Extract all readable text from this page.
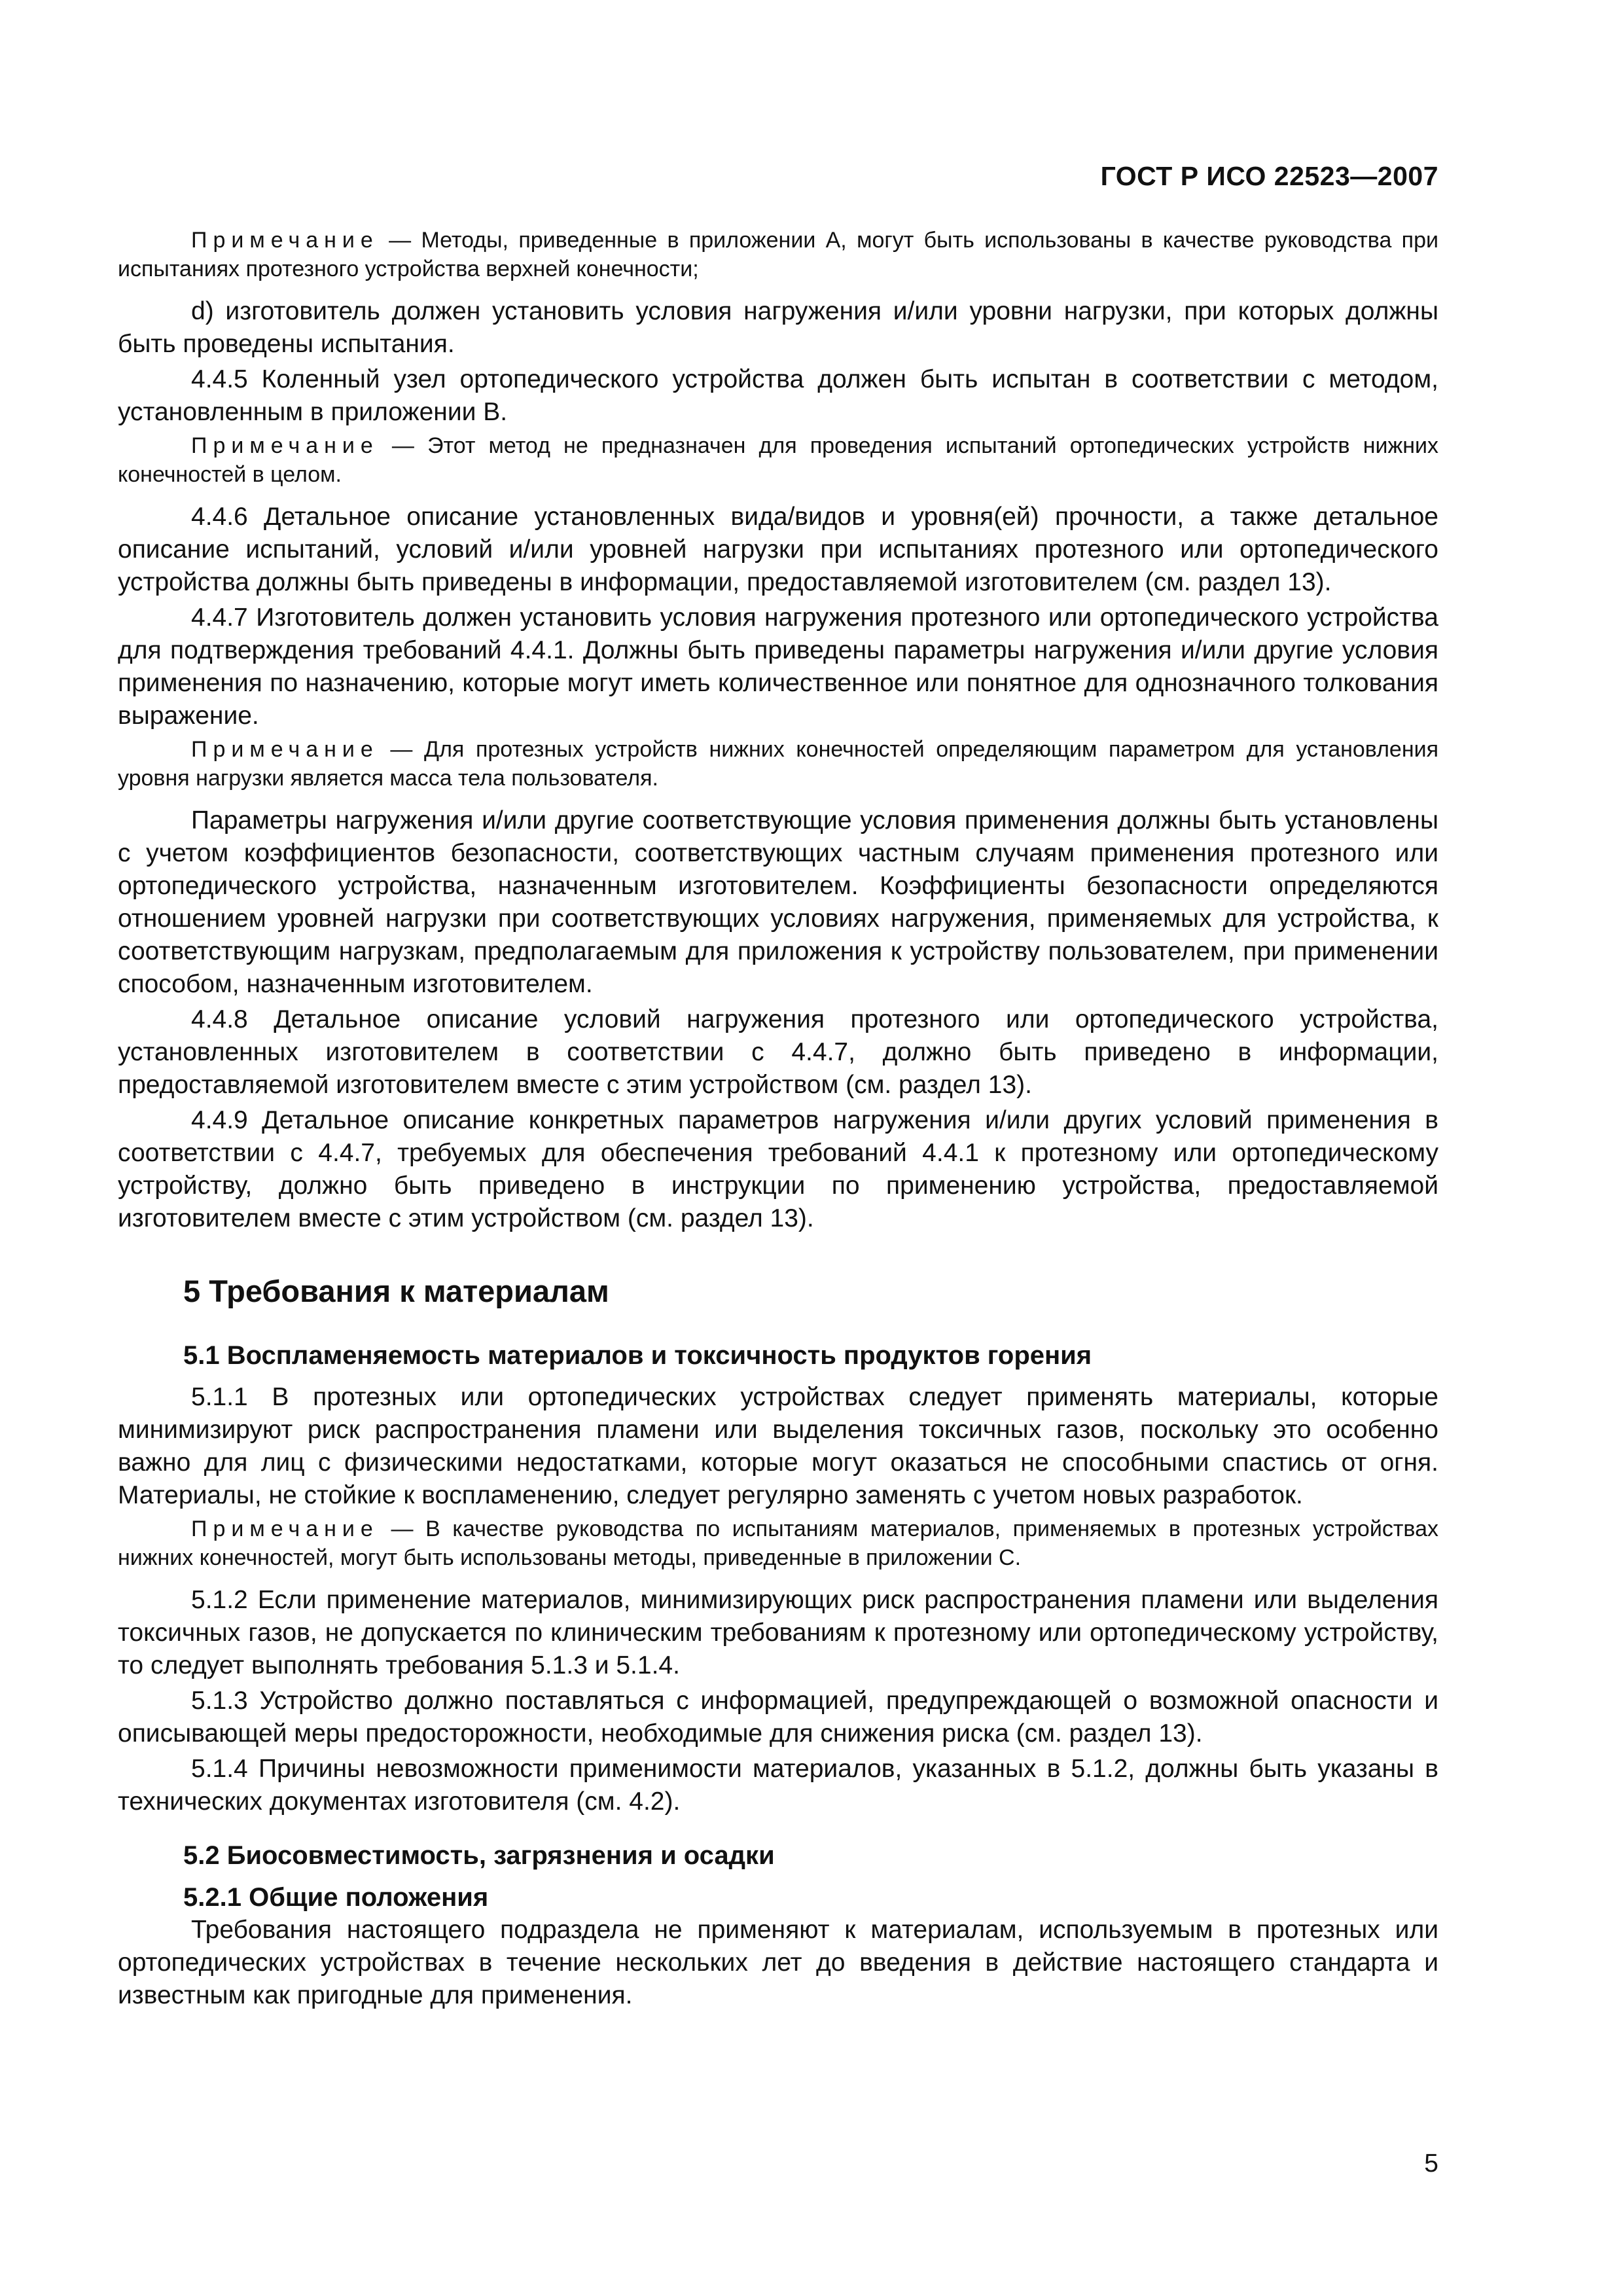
ГОСТ Р ИСО 22523—2007

Примечание — Методы, приведенные в приложении А, могут быть использованы в качестве руководства при испытаниях протезного устройства верхней конечности;

d) изготовитель должен установить условия нагружения и/или уровни нагрузки, при которых должны быть проведены испытания.

4.4.5 Коленный узел ортопедического устройства должен быть испытан в соответствии с методом, установленным в приложении В.

Примечание — Этот метод не предназначен для проведения испытаний ортопедических устройств нижних конечностей в целом.

4.4.6 Детальное описание установленных вида/видов и уровня(ей) прочности, а также детальное описание испытаний, условий и/или уровней нагрузки при испытаниях протезного или ортопедического устройства должны быть приведены в информации, предоставляемой изготовителем (см. раздел 13).

4.4.7 Изготовитель должен установить условия нагружения протезного или ортопедического устройства для подтверждения требований 4.4.1. Должны быть приведены параметры нагружения и/или другие условия применения по назначению, которые могут иметь количественное или понятное для однозначного толкования выражение.

Примечание — Для протезных устройств нижних конечностей определяющим параметром для установления уровня нагрузки является масса тела пользователя.

Параметры нагружения и/или другие соответствующие условия применения должны быть установлены с учетом коэффициентов безопасности, соответствующих частным случаям применения протезного или ортопедического устройства, назначенным изготовителем. Коэффициенты безопасности определяются отношением уровней нагрузки при соответствующих условиях нагружения, применяемых для устройства, к соответствующим нагрузкам, предполагаемым для приложения к устройству пользователем, при применении способом, назначенным изготовителем.

4.4.8 Детальное описание условий нагружения протезного или ортопедического устройства, установленных изготовителем в соответствии с 4.4.7, должно быть приведено в информации, предоставляемой изготовителем вместе с этим устройством (см. раздел 13).

4.4.9 Детальное описание конкретных параметров нагружения и/или других условий применения в соответствии с 4.4.7, требуемых для обеспечения требований 4.4.1 к протезному или ортопедическому устройству, должно быть приведено в инструкции по применению устройства, предоставляемой изготовителем вместе с этим устройством (см. раздел 13).

5 Требования к материалам
5.1 Воспламеняемость материалов и токсичность продуктов горения

5.1.1 В протезных или ортопедических устройствах следует применять материалы, которые минимизируют риск распространения пламени или выделения токсичных газов, поскольку это особенно важно для лиц с физическими недостатками, которые могут оказаться не способными спастись от огня. Материалы, не стойкие к воспламенению, следует регулярно заменять с учетом новых разработок.

Примечание — В качестве руководства по испытаниям материалов, применяемых в протезных устройствах нижних конечностей, могут быть использованы методы, приведенные в приложении С.

5.1.2 Если применение материалов, минимизирующих риск распространения пламени или выделения токсичных газов, не допускается по клиническим требованиям к протезному или ортопедическому устройству, то следует выполнять требования 5.1.3 и 5.1.4.

5.1.3 Устройство должно поставляться с информацией, предупреждающей о возможной опасности и описывающей меры предосторожности, необходимые для снижения риска (см. раздел 13).

5.1.4 Причины невозможности применимости материалов, указанных в 5.1.2, должны быть указаны в технических документах изготовителя (см. 4.2).

5.2 Биосовместимость, загрязнения и осадки
5.2.1 Общие положения

Требования настоящего подраздела не применяют к материалам, используемым в протезных или ортопедических устройствах в течение нескольких лет до введения в действие настоящего стандарта и известным как пригодные для применения.

5
